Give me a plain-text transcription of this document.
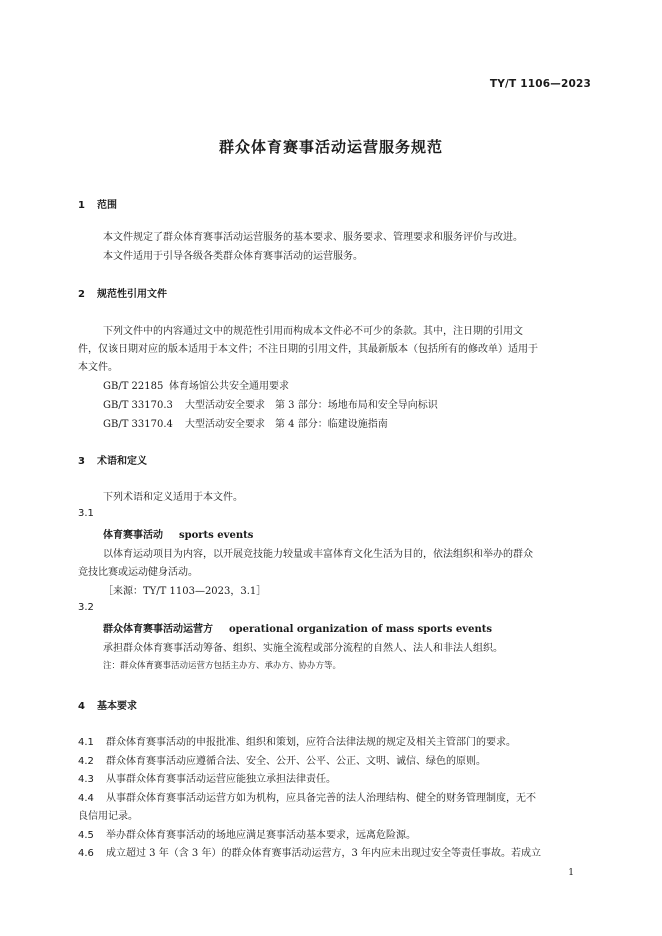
TY/T 1106—2023
群众体育赛事活动运营服务规范
1 范围
本文件规定了群众体育赛事活动运营服务的基本要求、服务要求、管理要求和服务评价与改进。
本文件适用于引导各级各类群众体育赛事活动的运营服务。
2 规范性引用文件
下列文件中的内容通过文中的规范性引用而构成本文件必不可少的条款。其中，注日期的引用文
件，仅该日期对应的版本适用于本文件；不注日期的引用文件，其最新版本（包括所有的修改单）适用于
本文件。
GB/T 22185 体育场馆公共安全通用要求
GB/T 33170.3 大型活动安全要求　第 3 部分：场地布局和安全导向标识
GB/T 33170.4 大型活动安全要求　第 4 部分：临建设施指南
3 术语和定义
下列术语和定义适用于本文件。
3.1
体育赛事活动 sports events
以体育运动项目为内容，以开展竞技能力较量或丰富体育文化生活为目的，依法组织和举办的群众
竞技比赛或运动健身活动。
［来源：TY/T 1103—2023，3.1］
3.2
群众体育赛事活动运营方 operational organization of mass sports events
承担群众体育赛事活动筹备、组织、实施全流程或部分流程的自然人、法人和非法人组织。
注：群众体育赛事活动运营方包括主办方、承办方、协办方等。
4 基本要求
4.1 群众体育赛事活动的申报批准、组织和策划，应符合法律法规的规定及相关主管部门的要求。
4.2 群众体育赛事活动应遵循合法、安全、公开、公平、公正、文明、诚信、绿色的原则。
4.3 从事群众体育赛事活动运营应能独立承担法律责任。
4.4 从事群众体育赛事活动运营方如为机构，应具备完善的法人治理结构、健全的财务管理制度，无不
良信用记录。
4.5 举办群众体育赛事活动的场地应满足赛事活动基本要求，远离危险源。
4.6 成立超过 3 年（含 3 年）的群众体育赛事活动运营方，3 年内应未出现过安全等责任事故。若成立
1
